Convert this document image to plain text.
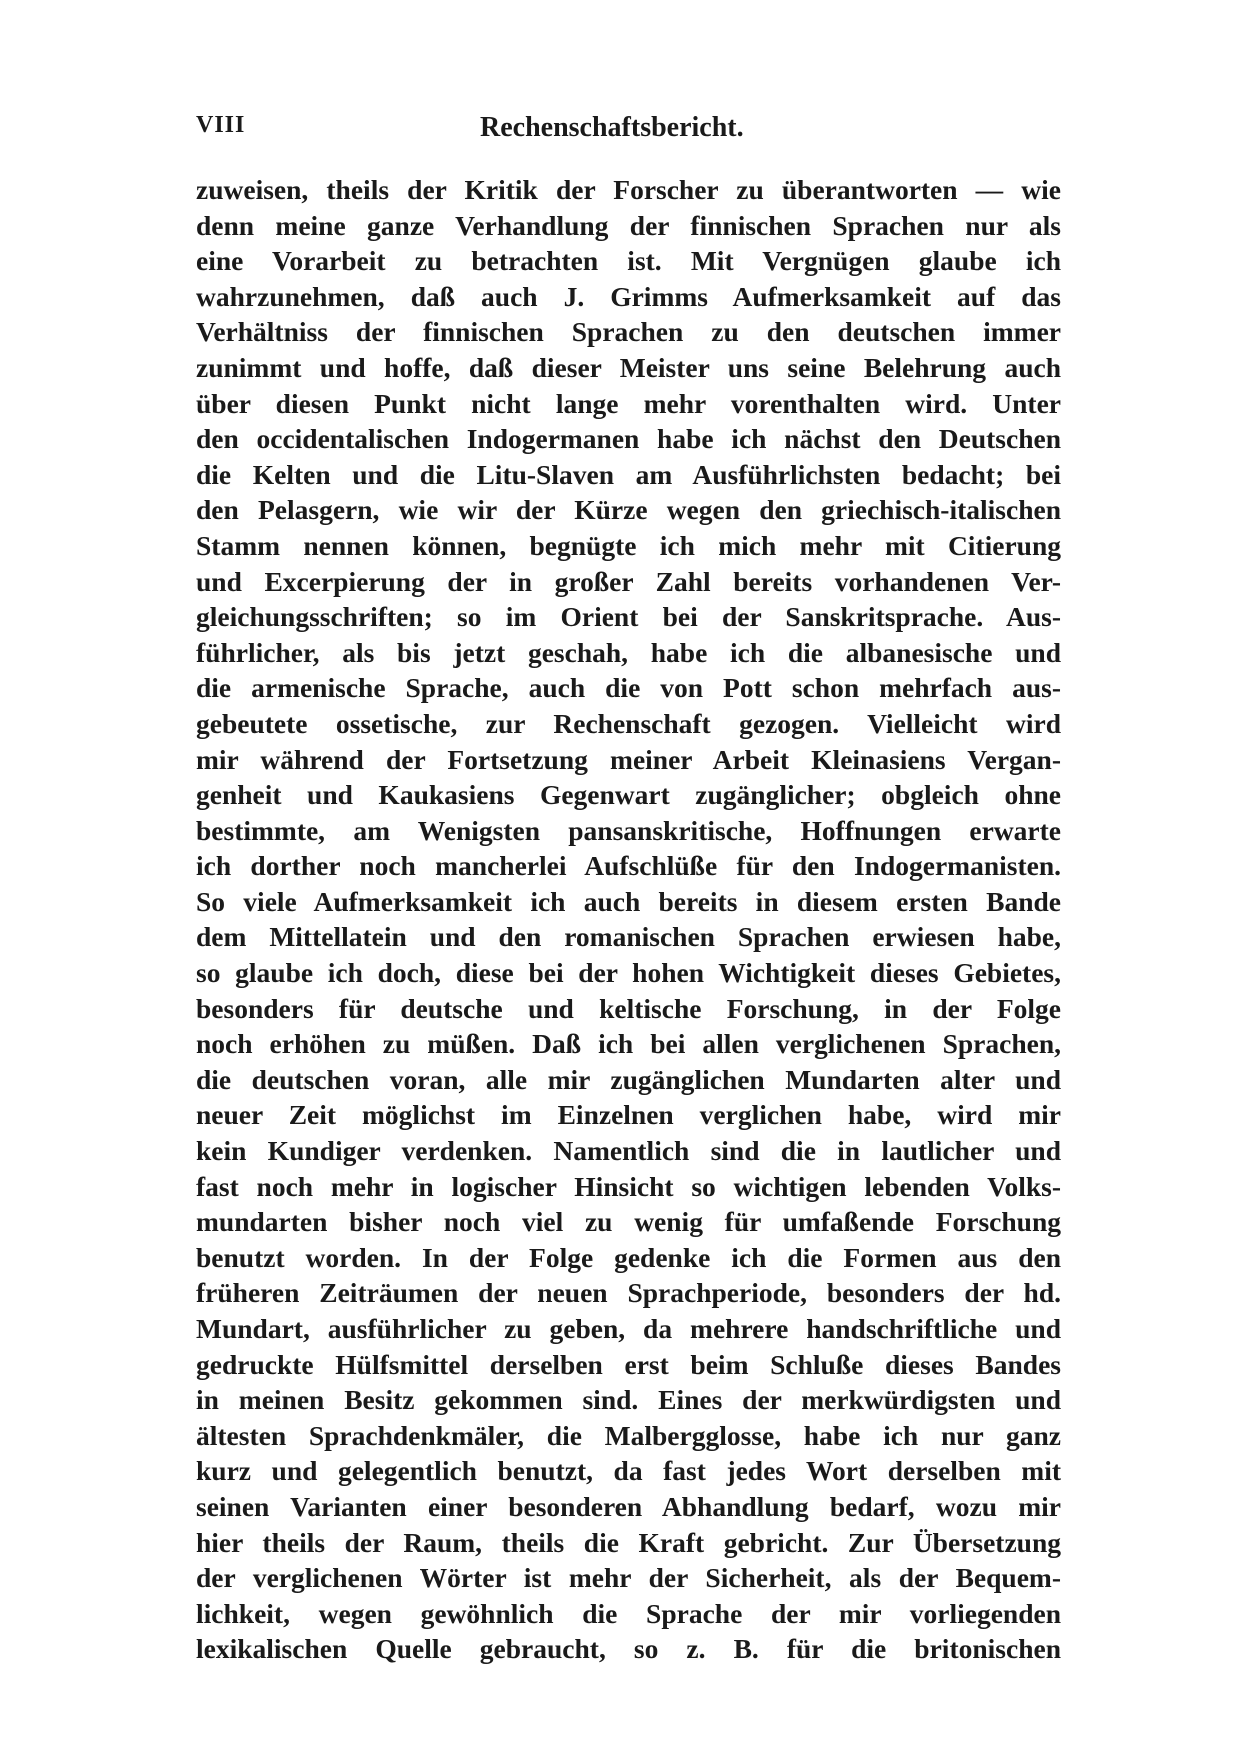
VIII	Rechenschaftsbericht.
zuweisen, theils der Kritik der Forscher zu überantworten — wie
denn meine ganze Verhandlung der finnischen Sprachen nur als
eine Vorarbeit zu betrachten ist. Mit Vergnügen glaube ich
wahrzunehmen, daß auch J. Grimms Aufmerksamkeit auf das
Verhältniss der finnischen Sprachen zu den deutschen immer
zunimmt und hoffe, daß dieser Meister uns seine Belehrung auch
über diesen Punkt nicht lange mehr vorenthalten wird. Unter
den occidentalischen Indogermanen habe ich nächst den Deutschen
die Kelten und die Litu-Slaven am Ausführlichsten bedacht; bei
den Pelasgern, wie wir der Kürze wegen den griechisch-italischen
Stamm nennen können, begnügte ich mich mehr mit Citierung
und Excerpierung der in großer Zahl bereits vorhandenen Ver-
gleichungsschriften; so im Orient bei der Sanskritsprache. Aus-
führlicher, als bis jetzt geschah, habe ich die albanesische und
die armenische Sprache, auch die von Pott schon mehrfach aus-
gebeutete ossetische, zur Rechenschaft gezogen. Vielleicht wird
mir während der Fortsetzung meiner Arbeit Kleinasiens Vergan-
genheit und Kaukasiens Gegenwart zugänglicher; obgleich ohne
bestimmte, am Wenigsten pansanskritische, Hoffnungen erwarte
ich dorther noch mancherlei Aufschlüße für den Indogermanisten.
So viele Aufmerksamkeit ich auch bereits in diesem ersten Bande
dem Mittellatein und den romanischen Sprachen erwiesen habe,
so glaube ich doch, diese bei der hohen Wichtigkeit dieses Gebietes,
besonders für deutsche und keltische Forschung, in der Folge
noch erhöhen zu müßen. Daß ich bei allen verglichenen Sprachen,
die deutschen voran, alle mir zugänglichen Mundarten alter und
neuer Zeit möglichst im Einzelnen verglichen habe, wird mir
kein Kundiger verdenken. Namentlich sind die in lautlicher und
fast noch mehr in logischer Hinsicht so wichtigen lebenden Volks-
mundarten bisher noch viel zu wenig für umfaßende Forschung
benutzt worden. In der Folge gedenke ich die Formen aus den
früheren Zeiträumen der neuen Sprachperiode, besonders der hd.
Mundart, ausführlicher zu geben, da mehrere handschriftliche und
gedruckte Hülfsmittel derselben erst beim Schluße dieses Bandes
in meinen Besitz gekommen sind. Eines der merkwürdigsten und
ältesten Sprachdenkmäler, die Malbergglosse, habe ich nur ganz
kurz und gelegentlich benutzt, da fast jedes Wort derselben mit
seinen Varianten einer besonderen Abhandlung bedarf, wozu mir
hier theils der Raum, theils die Kraft gebricht. Zur Übersetzung
der verglichenen Wörter ist mehr der Sicherheit, als der Bequem-
lichkeit, wegen gewöhnlich die Sprache der mir vorliegenden
lexikalischen Quelle gebraucht, so z. B. für die britonischen
